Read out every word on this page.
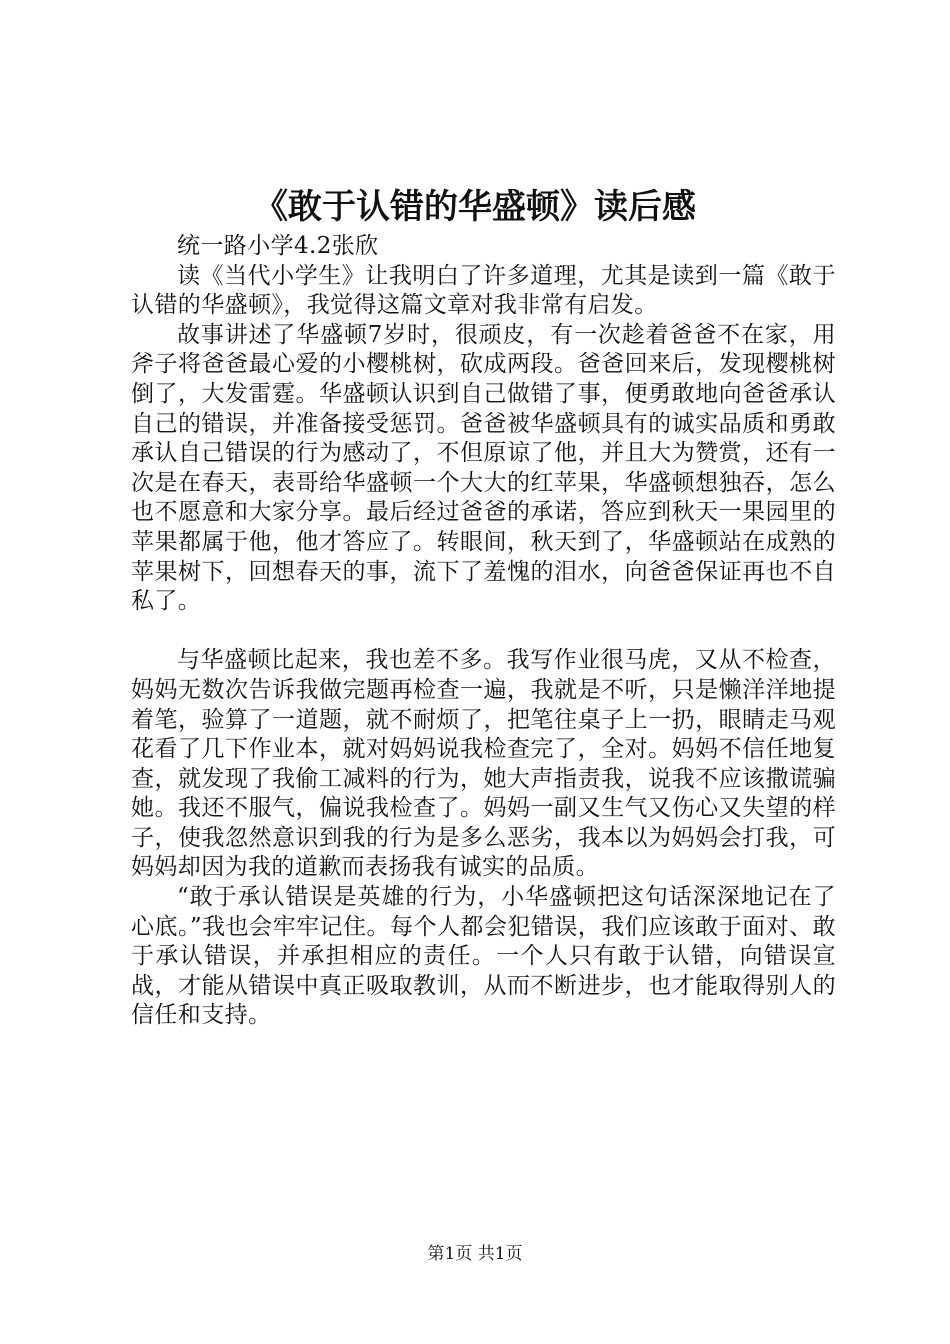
《敢于认错的华盛顿》读后感

统一路小学4.2张欣

读《当代小学生》让我明白了许多道理，尤其是读到一篇《敢于认错的华盛顿》，我觉得这篇文章对我非常有启发。

故事讲述了华盛顿7岁时，很顽皮，有一次趁着爸爸不在家，用斧子将爸爸最心爱的小樱桃树，砍成两段。爸爸回来后，发现樱桃树倒了，大发雷霆。华盛顿认识到自己做错了事，便勇敢地向爸爸承认自己的错误，并准备接受惩罚。爸爸被华盛顿具有的诚实品质和勇敢承认自己错误的行为感动了，不但原谅了他，并且大为赞赏，还有一次是在春天，表哥给华盛顿一个大大的红苹果，华盛顿想独吞，怎么也不愿意和大家分享。最后经过爸爸的承诺，答应到秋天一果园里的苹果都属于他，他才答应了。转眼间，秋天到了，华盛顿站在成熟的苹果树下，回想春天的事，流下了羞愧的泪水，向爸爸保证再也不自私了。

与华盛顿比起来，我也差不多。我写作业很马虎，又从不检查，妈妈无数次告诉我做完题再检查一遍，我就是不听，只是懒洋洋地提着笔，验算了一道题，就不耐烦了，把笔往桌子上一扔，眼睛走马观花看了几下作业本，就对妈妈说我检查完了，全对。妈妈不信任地复查，就发现了我偷工减料的行为，她大声指责我，说我不应该撒谎骗她。我还不服气，偏说我检查了。妈妈一副又生气又伤心又失望的样子，使我忽然意识到我的行为是多么恶劣，我本以为妈妈会打我，可妈妈却因为我的道歉而表扬我有诚实的品质。

“敢于承认错误是英雄的行为，小华盛顿把这句话深深地记在了心底。”我也会牢牢记住。每个人都会犯错误，我们应该敢于面对、敢于承认错误，并承担相应的责任。一个人只有敢于认错，向错误宣战，才能从错误中真正吸取教训，从而不断进步，也才能取得别人的信任和支持。

第1页 共1页
